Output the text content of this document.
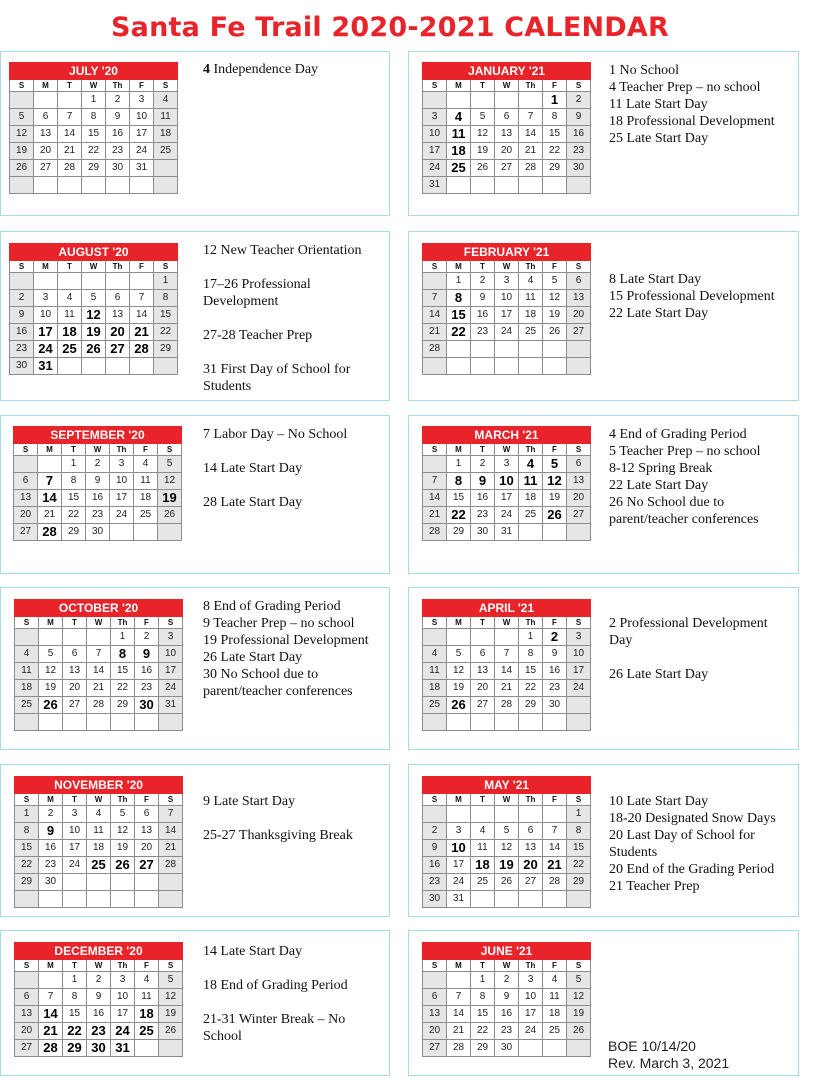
Santa Fe Trail 2020-2021 CALENDAR
JULY '20						
S	M	T	W	Th	F	S
			1	2	3	4
5	6	7	8	9	10	11
12	13	14	15	16	17	18
19	20	21	22	23	24	25
26	27	28	29	30	31	

AUGUST '20						
S	M	T	W	Th	F	S
						1
2	3	4	5	6	7	8
9	10	11	12	13	14	15
16	17	18	19	20	21	22
23	24	25	26	27	28	29
30	31					
SEPTEMBER '20						
S	M	T	W	Th	F	S
		1	2	3	4	5
6	7	8	9	10	11	12
13	14	15	16	17	18	19
20	21	22	23	24	25	26
27	28	29	30			
OCTOBER '20						
S	M	T	W	Th	F	S
				1	2	3
4	5	6	7	8	9	10
11	12	13	14	15	16	17
18	19	20	21	22	23	24
25	26	27	28	29	30	31

NOVEMBER '20						
S	M	T	W	Th	F	S
1	2	3	4	5	6	7
8	9	10	11	12	13	14
15	16	17	18	19	20	21
22	23	24	25	26	27	28
29	30					

DECEMBER '20						
S	M	T	W	Th	F	S
		1	2	3	4	5
6	7	8	9	10	11	12
13	14	15	16	17	18	19
20	21	22	23	24	25	26
27	28	29	30	31		
JANUARY '21						
S	M	T	W	Th	F	S
					1	2
3	4	5	6	7	8	9
10	11	12	13	14	15	16
17	18	19	20	21	22	23
24	25	26	27	28	29	30
31						
FEBRUARY '21						
S	M	T	W	Th	F	S
	1	2	3	4	5	6
7	8	9	10	11	12	13
14	15	16	17	18	19	20
21	22	23	24	25	26	27
28						

MARCH '21						
S	M	T	W	Th	F	S
	1	2	3	4	5	6
7	8	9	10	11	12	13
14	15	16	17	18	19	20
21	22	23	24	25	26	27
28	29	30	31			
APRIL '21						
S	M	T	W	Th	F	S
				1	2	3
4	5	6	7	8	9	10
11	12	13	14	15	16	17
18	19	20	21	22	23	24
25	26	27	28	29	30	

MAY '21						
S	M	T	W	Th	F	S
						1
2	3	4	5	6	7	8
9	10	11	12	13	14	15
16	17	18	19	20	21	22
23	24	25	26	27	28	29
30	31					
JUNE '21						
S	M	T	W	Th	F	S
		1	2	3	4	5
6	7	8	9	10	11	12
13	14	15	16	17	18	19
20	21	22	23	24	25	26
27	28	29	30			
4 Independence Day
12 New Teacher Orientation
17–26 Professional
Development
27-28 Teacher Prep
31 First Day of School for
Students
7 Labor Day – No School
14 Late Start Day
28 Late Start Day
8 End of Grading Period
9 Teacher Prep – no school
19 Professional Development
26 Late Start Day
30 No School due to
parent/teacher conferences
9 Late Start Day
25-27 Thanksgiving Break
14 Late Start Day
18 End of Grading Period
21-31 Winter Break – No
School
1 No School
4 Teacher Prep – no school
11 Late Start Day
18 Professional Development
25 Late Start Day
8 Late Start Day
15 Professional Development
22 Late Start Day
4 End of Grading Period
5 Teacher Prep – no school
8-12 Spring Break
22 Late Start Day
26 No School due to
parent/teacher conferences
2 Professional Development
Day
26 Late Start Day
10 Late Start Day
18-20 Designated Snow Days
20 Last Day of School for
Students
20 End of the Grading Period
21 Teacher Prep
BOE 10/14/20
Rev. March 3, 2021
